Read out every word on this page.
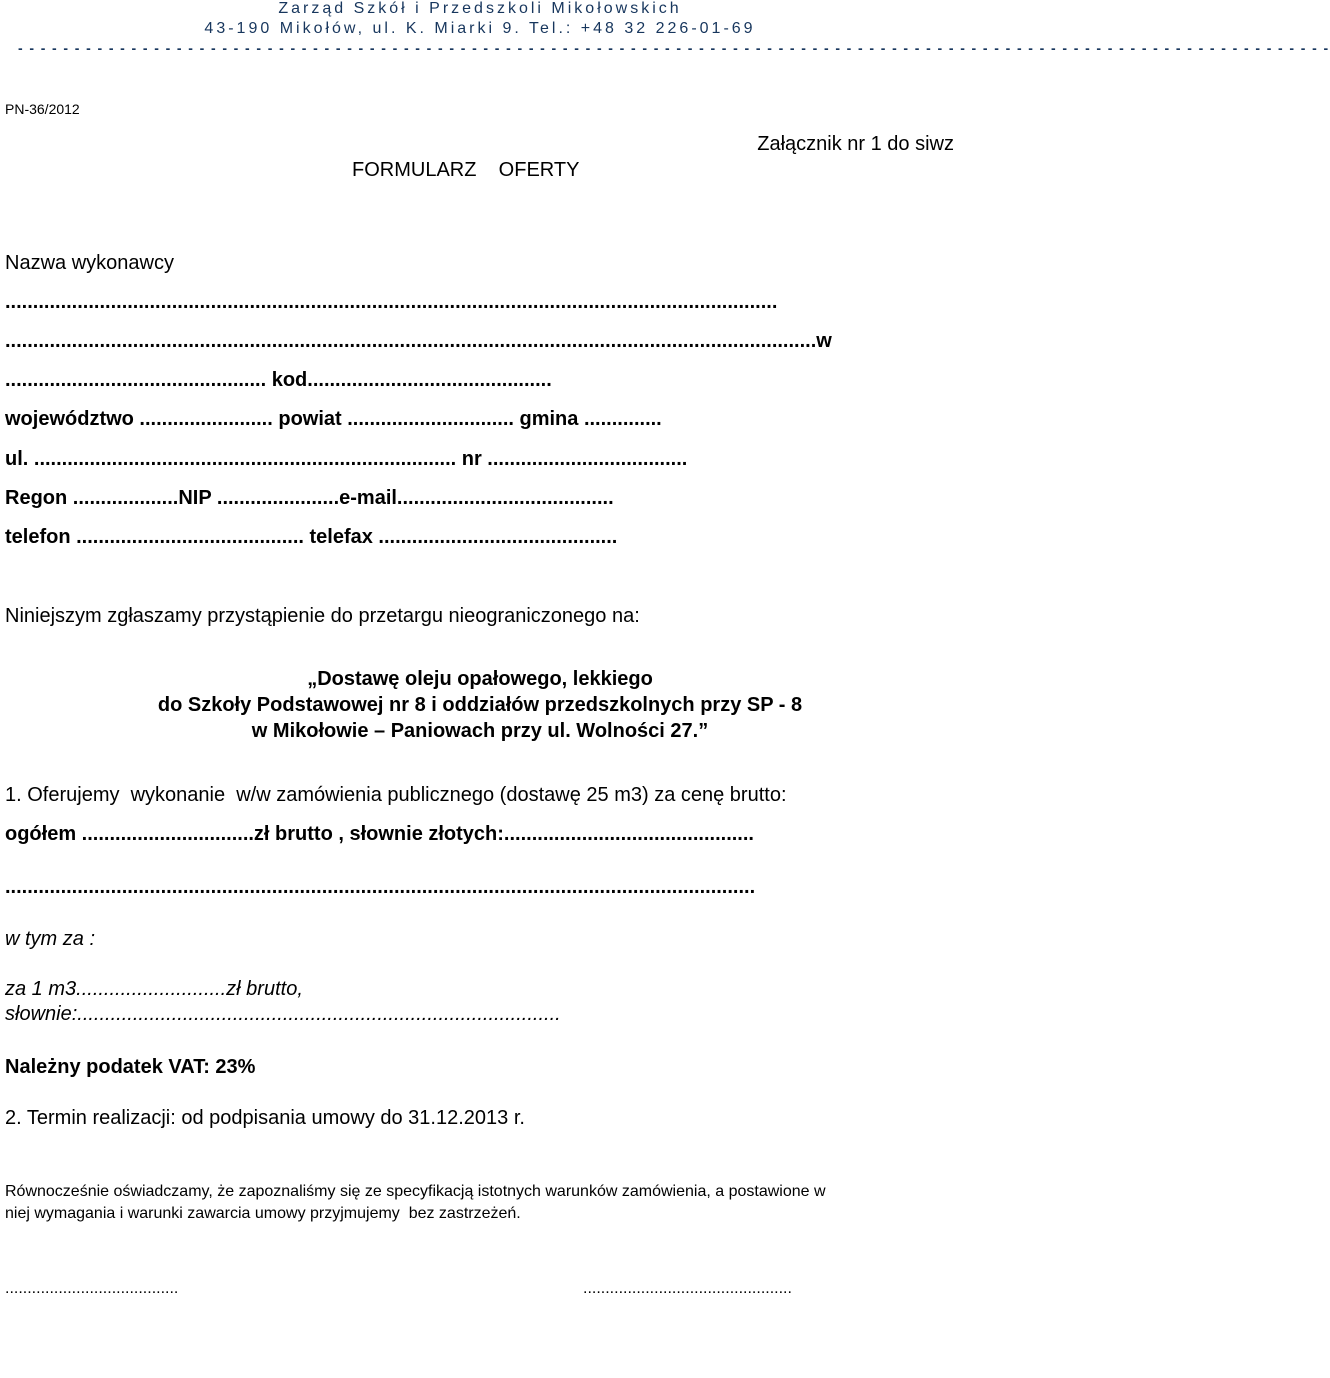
Zarząd Szkół i Przedszkoli Mikołowskich
43-190 Mikołów, ul. K. Miarki 9. Tel.: +48 32 226-01-69
- - - - - - - - - - - - - - - - - - - - - - - - - - - - - - - - - - - - - - - - - - - - - - - - - - - - - - - - - - - - - - - - - - - - - - - - - - - - - - - - - - - - - - - - - - - - - - - - - - - - - - - - - - - - - - - - - - - -
PN-36/2012
Załącznik nr 1 do siwz
FORMULARZ    OFERTY
Nazwa wykonawcy
...........................................................................................................................................
..................................................................................................................................................w
............................................... kod............................................
województwo ........................ powiat .............................. gmina ..............
ul. ............................................................................ nr ....................................
Regon ...................NIP ......................e-mail.......................................
telefon ......................................... telefax ...........................................
Niniejszym zgłaszamy przystąpienie do przetargu nieograniczonego na:
„Dostawę oleju opałowego, lekkiego
do Szkoły Podstawowej nr 8 i oddziałów przedszkolnych przy SP - 8
w Mikołowie – Paniowach przy ul. Wolności 27.”
1. Oferujemy  wykonanie  w/w zamówienia publicznego (dostawę 25 m3) za cenę brutto:
ogółem ...............................zł brutto , słownie złotych:.............................................
.......................................................................................................................................
w tym za :
za 1 m3...........................zł brutto,
słownie:.......................................................................................
Należny podatek VAT: 23%
2. Termin realizacji: od podpisania umowy do 31.12.2013 r.
Równocześnie oświadczamy, że zapoznaliśmy się ze specyfikacją istotnych warunków zamówienia, a postawione w
niej wymagania i warunki zawarcia umowy przyjmujemy  bez zastrzeżeń.
.......................................	...............................................
